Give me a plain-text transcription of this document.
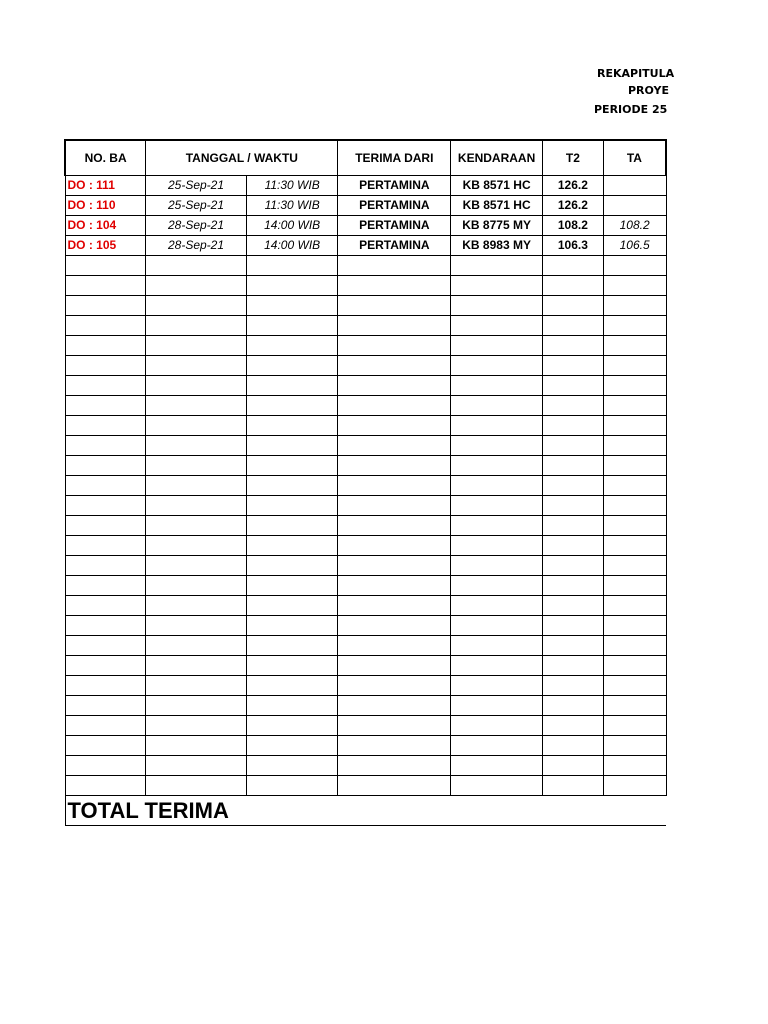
REKAPITULA
PROYE
PERIODE 25
NO. BA	TANGGAL / WAKTU		TERIMA DARI	KENDARAAN	T2	TA
DO : 111	25-Sep-21	11:30 WIB	PERTAMINA	KB 8571 HC	126.2	
DO : 110	25-Sep-21	11:30 WIB	PERTAMINA	KB 8571 HC	126.2	
DO : 104	28-Sep-21	14:00 WIB	PERTAMINA	KB 8775 MY	108.2	108.2
DO : 105	28-Sep-21	14:00 WIB	PERTAMINA	KB 8983 MY	106.3	106.5

TOTAL TERIMA						
